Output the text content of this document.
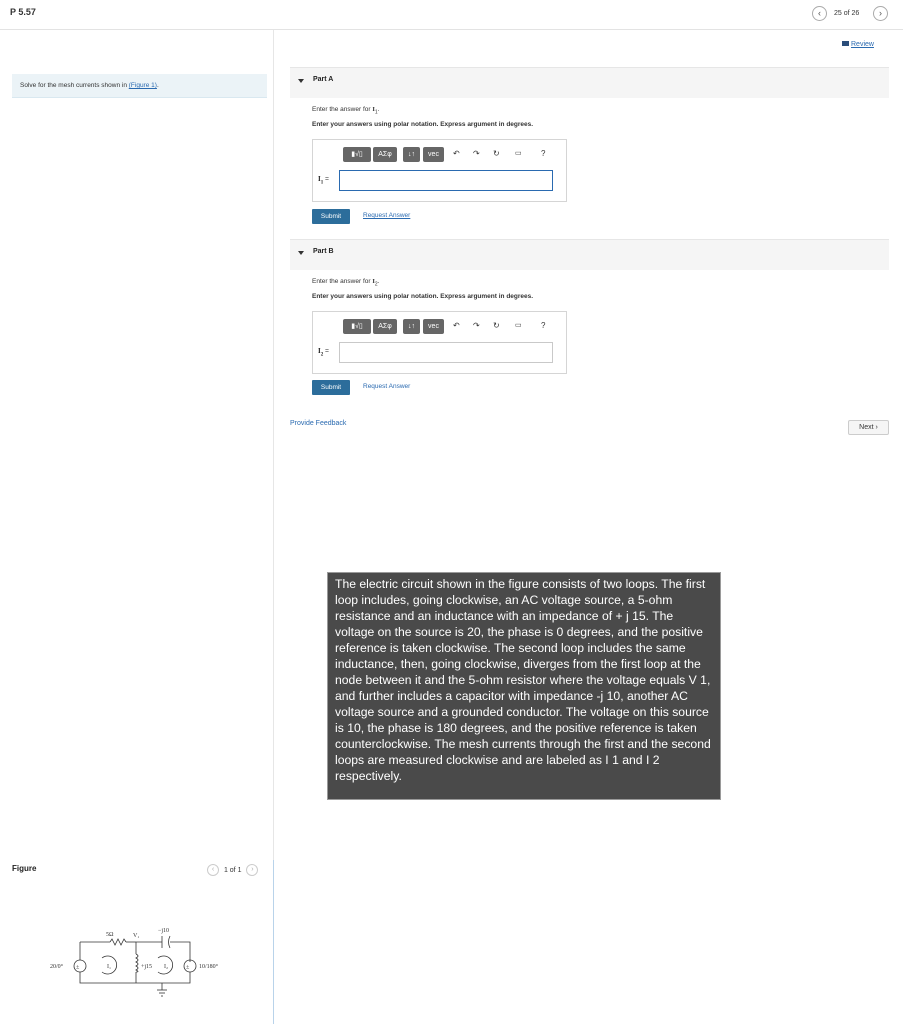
P 5.57	‹	25 of 26	›
Review
Solve for the mesh currents shown in (Figure 1).
Part A
Enter the answer for $I_1$.
Enter your answers using polar notation. Express argument in degrees.
▮√▯	ΑΣφ	↓↑	vec	↶ ↷ ↻ ▭ ?
$I_1$ =
Submit	Request Answer
Part B
Enter the answer for $I_2$.
Enter your answers using polar notation. Express argument in degrees.
▮√▯	ΑΣφ	↓↑	vec	↶ ↷ ↻ ▭ ?
$I_2$ =
Submit	Request Answer
Provide Feedback
Next ›
The electric circuit shown in the figure consists of two loops. The first loop includes, going clockwise, an AC voltage source, a 5-ohm resistance and an inductance with an impedance of + j 15. The voltage on the source is 20, the phase is 0 degrees, and the positive reference is taken clockwise. The second loop includes the same inductance, then, going clockwise, diverges from the first loop at the node between it and the 5-ohm resistor where the voltage equals V 1, and further includes a capacitor with impedance -j 10, another AC voltage source and a grounded conductor. The voltage on this source is 10, the phase is 180 degrees, and the positive reference is taken counterclockwise. The mesh currents through the first and the second loops are measured clockwise and are labeled as I 1 and I 2 respectively.
Figure	‹ 1 of 1 ›
±	±
5Ω	V₁
−j10
20/0°	I₁	+j15 I₂	10/180°
